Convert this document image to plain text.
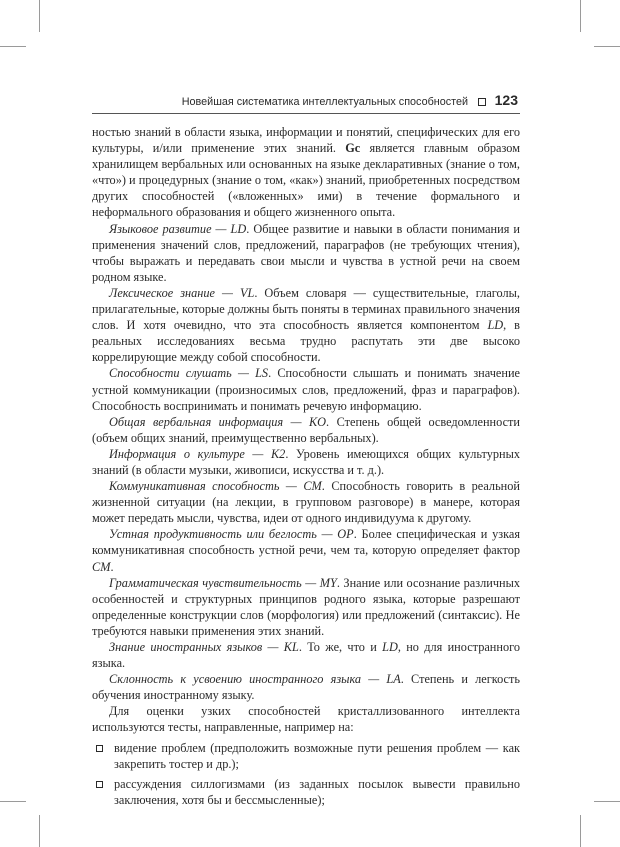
Новейшая систематика интеллектуальных способностей 123

ностью знаний в области языка, информации и понятий, специфических для его культуры, и/или применение этих знаний. Gc является главным образом хранилищем вербальных или основанных на языке декларативных (знание о том, «что») и процедурных (знание о том, «как») знаний, приобретенных посредством других способностей («вложенных» ими) в течение формального и неформального образования и общего жизненного опыта.

Языковое развитие — LD. Общее развитие и навыки в области понимания и применения значений слов, предложений, параграфов (не требующих чтения), чтобы выражать и передавать свои мысли и чувства в устной речи на своем родном языке.

Лексическое знание — VL. Объем словаря — существительные, глаголы, прилагательные, которые должны быть поняты в терминах правильного значения слов. И хотя очевидно, что эта способность является компонентом LD, в реальных исследованиях весьма трудно распутать эти две высоко коррелирующие между собой способности.

Способности слушать — LS. Способности слышать и понимать значение устной коммуникации (произносимых слов, предложений, фраз и параграфов). Способность воспринимать и понимать речевую информацию.

Общая вербальная информация — KO. Степень общей осведомленности (объем общих знаний, преимущественно вербальных).

Информация о культуре — K2. Уровень имеющихся общих культурных знаний (в области музыки, живописи, искусства и т. д.).

Коммуникативная способность — CM. Способность говорить в реальной жизненной ситуации (на лекции, в групповом разговоре) в манере, которая может передать мысли, чувства, идеи от одного индивидуума к другому.

Устная продуктивность или беглость — OP. Более специфическая и узкая коммуникативная способность устной речи, чем та, которую определяет фактор CM.

Грамматическая чувствительность — MY. Знание или осознание различных особенностей и структурных принципов родного языка, которые разрешают определенные конструкции слов (морфология) или предложений (синтаксис). Не требуются навыки применения этих знаний.

Знание иностранных языков — KL. То же, что и LD, но для иностранного языка.

Склонность к усвоению иностранного языка — LA. Степень и легкость обучения иностранному языку.

Для оценки узких способностей кристаллизованного интеллекта используются тесты, направленные, например на:

видение проблем (предположить возможные пути решения проблем — как закрепить тостер и др.);
рассуждения силлогизмами (из заданных посылок вывести правильно заключения, хотя бы и бессмысленные);
